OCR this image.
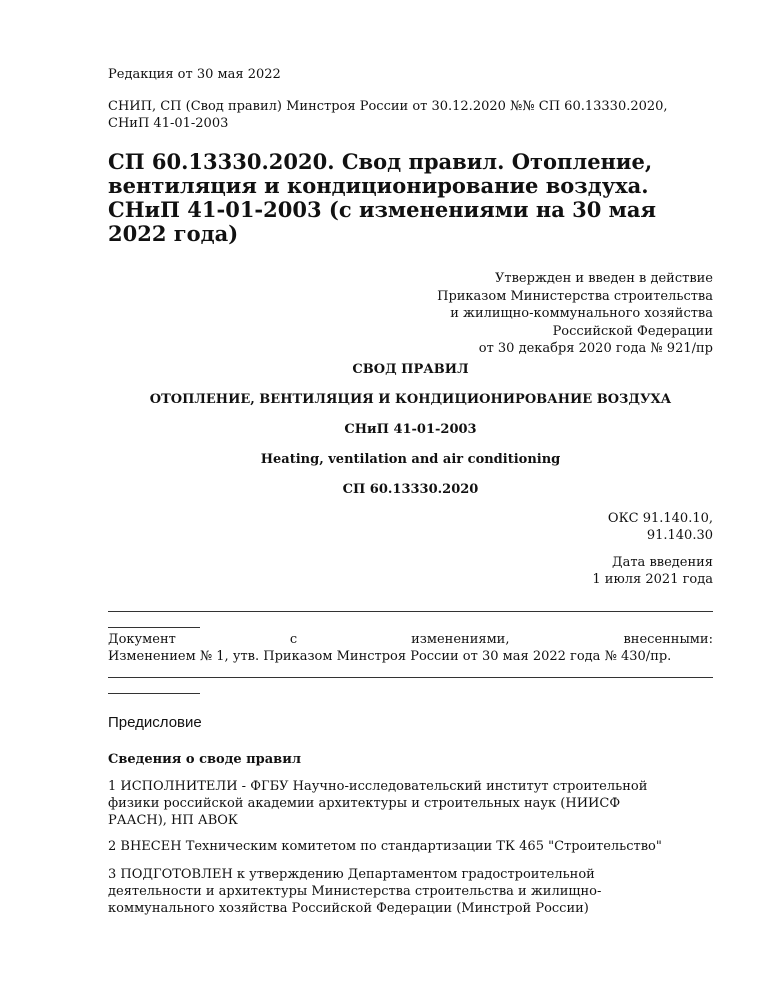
Редакция от 30 мая 2022
СНИП, СП (Свод правил) Минстроя России от 30.12.2020 №№ СП 60.13330.2020,
СНиП 41-01-2003
СП 60.13330.2020. Свод правил. Отопление,
вентиляция и кондиционирование воздуха.
СНиП 41-01-2003 (с изменениями на 30 мая
2022 года)
Утвержден и введен в действие
Приказом Министерства строительства
и жилищно-коммунального хозяйства
Российской Федерации
от 30 декабря 2020 года № 921/пр
СВОД ПРАВИЛ
ОТОПЛЕНИЕ, ВЕНТИЛЯЦИЯ И КОНДИЦИОНИРОВАНИЕ ВОЗДУХА
СНиП 41-01-2003
Heating, ventilation and air conditioning
СП 60.13330.2020
ОКС 91.140.10,
91.140.30
Дата введения
1 июля 2021 года
Документ	с	изменениями,	внесенными:
Изменением № 1, утв. Приказом Минстроя России от 30 мая 2022 года № 430/пр.
Предисловие
Сведения о своде правил
1 ИСПОЛНИТЕЛИ - ФГБУ Научно-исследовательский институт строительной
физики российской академии архитектуры и строительных наук (НИИСФ
РААСН), НП АВОК
2 ВНЕСЕН Техническим комитетом по стандартизации ТК 465 "Строительство"
3 ПОДГОТОВЛЕН к утверждению Департаментом градостроительной
деятельности и архитектуры Министерства строительства и жилищно-
коммунального хозяйства Российской Федерации (Минстрой России)
